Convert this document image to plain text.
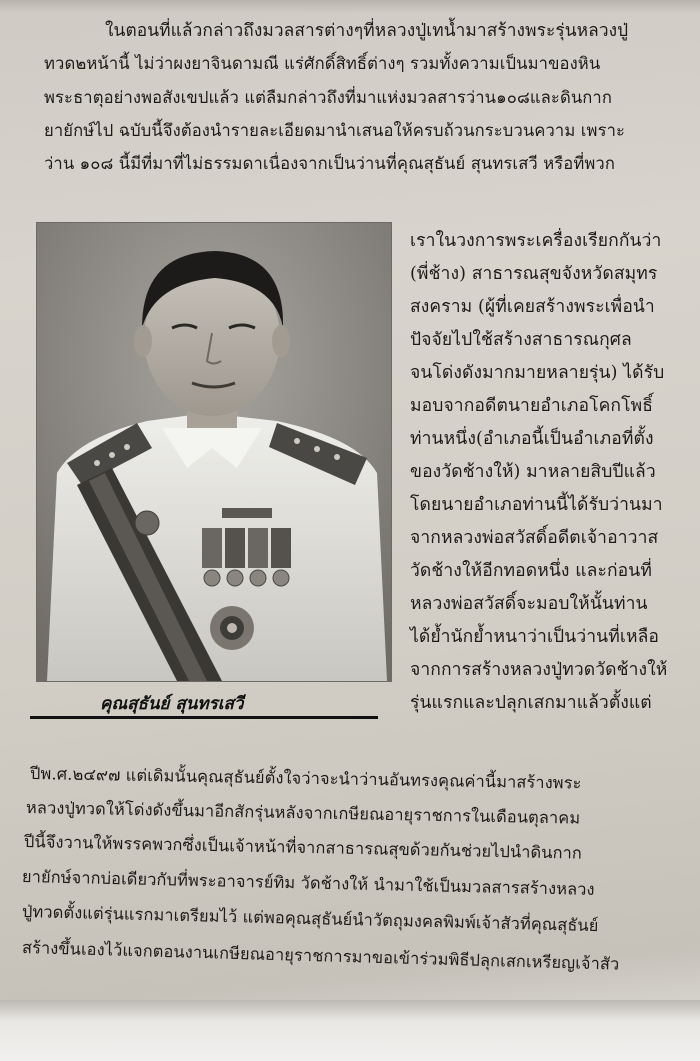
ในตอนที่แล้วกล่าวถึงมวลสารต่างๆที่หลวงปู่เทน้ำมาสร้างพระรุ่นหลวงปู่
ทวด๒หน้านี้ ไม่ว่าผงยาจินดามณี แร่ศักดิ์สิทธิ์ต่างๆ รวมทั้งความเป็นมาของหิน
พระธาตุอย่างพอสังเขปแล้ว แต่ลืมกล่าวถึงที่มาแห่งมวลสารว่าน๑๐๘และดินกาก
ยายักษ์ไป ฉบับนี้จึงต้องนำรายละเอียดมานำเสนอให้ครบถ้วนกระบวนความ เพราะ
ว่าน ๑๐๘ นี้มีที่มาที่ไม่ธรรมดาเนื่องจากเป็นว่านที่คุณสุธันย์ สุนทรเสวี หรือที่พวก
เราในวงการพระเครื่องเรียกกันว่า
(พี่ช้าง) สาธารณสุขจังหวัดสมุทร
สงคราม (ผู้ที่เคยสร้างพระเพื่อนำ
ปัจจัยไปใช้สร้างสาธารณกุศล
จนโด่งดังมากมายหลายรุ่น) ได้รับ
มอบจากอดีตนายอำเภอโคกโพธิ์
ท่านหนึ่ง(อำเภอนี้เป็นอำเภอที่ตั้ง
ของวัดช้างให้) มาหลายสิบปีแล้ว
โดยนายอำเภอท่านนี้ได้รับว่านมา
จากหลวงพ่อสวัสดิ์อดีตเจ้าอาวาส
วัดช้างให้อีกทอดหนึ่ง และก่อนที่
หลวงพ่อสวัสดิ์จะมอบให้นั้นท่าน
ได้ย้ำนักย้ำหนาว่าเป็นว่านที่เหลือ
จากการสร้างหลวงปู่ทวดวัดช้างให้
รุ่นแรกและปลุกเสกมาแล้วตั้งแต่
คุณสุธันย์ สุนทรเสวี
ปีพ.ศ.๒๔๙๗ แต่เดิมนั้นคุณสุธันย์ตั้งใจว่าจะนำว่านอันทรงคุณค่านี้มาสร้างพระ
หลวงปู่ทวดให้โด่งดังขึ้นมาอีกสักรุ่นหลังจากเกษียณอายุราชการในเดือนตุลาคม
ปีนี้จึงวานให้พรรคพวกซึ่งเป็นเจ้าหน้าที่จากสาธารณสุขด้วยกันช่วยไปนำดินกาก
ยายักษ์จากบ่อเดียวกับที่พระอาจารย์ทิม วัดช้างให้ นำมาใช้เป็นมวลสารสร้างหลวง
ปู่ทวดตั้งแต่รุ่นแรกมาเตรียมไว้ แต่พอคุณสุธันย์นำวัตถุมงคลพิมพ์เจ้าสัวที่คุณสุธันย์
สร้างขึ้นเองไว้แจกตอนงานเกษียณอายุราชการมาขอเข้าร่วมพิธีปลุกเสกเหรียญเจ้าสัว
